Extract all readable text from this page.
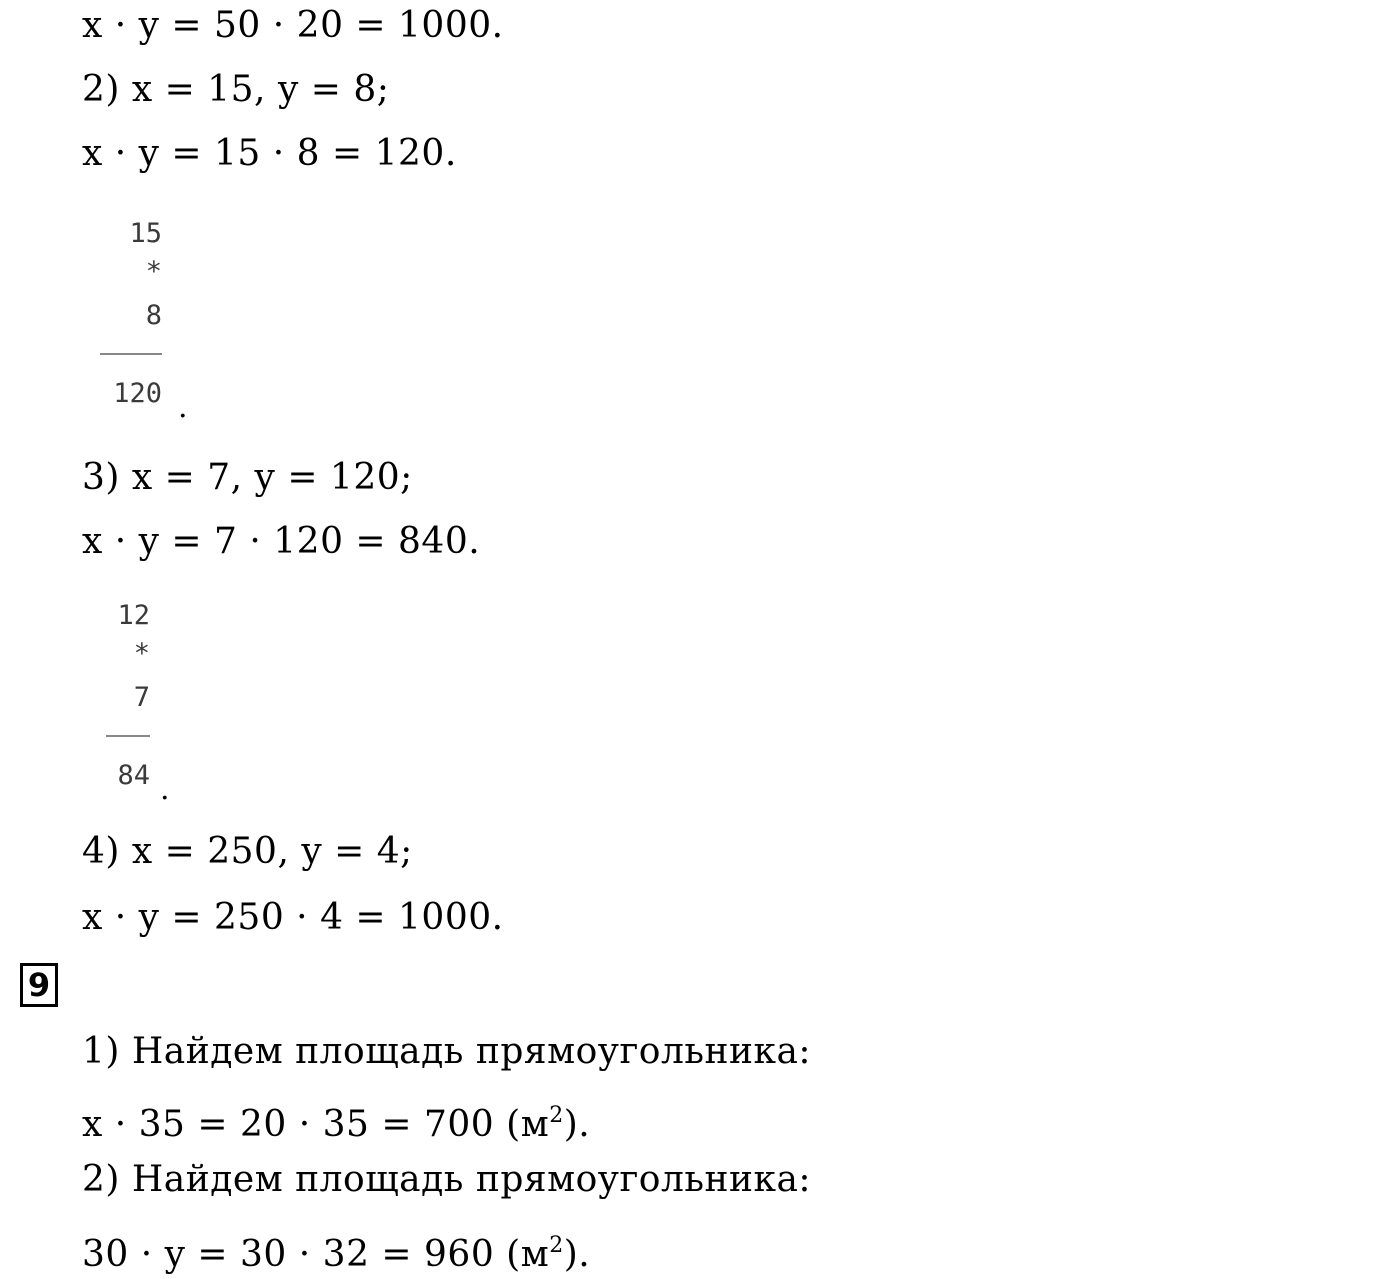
x · y = 50 · 20 = 1000.
2) x = 15, y = 8;
x · y = 15 · 8 = 120.

15

*

8

120 .
3) x = 7, y = 120;
x · y = 7 · 120 = 840.

12

*

7

84 .
4) x = 250, y = 4;
x · y = 250 · 4 = 1000.
9
1) Найдем площадь прямоугольника:
x · 35 = 20 · 35 = 700 $(м^2)$.
2) Найдем площадь прямоугольника:
30 · y = 30 · 32 = 960 $(м^2)$.
